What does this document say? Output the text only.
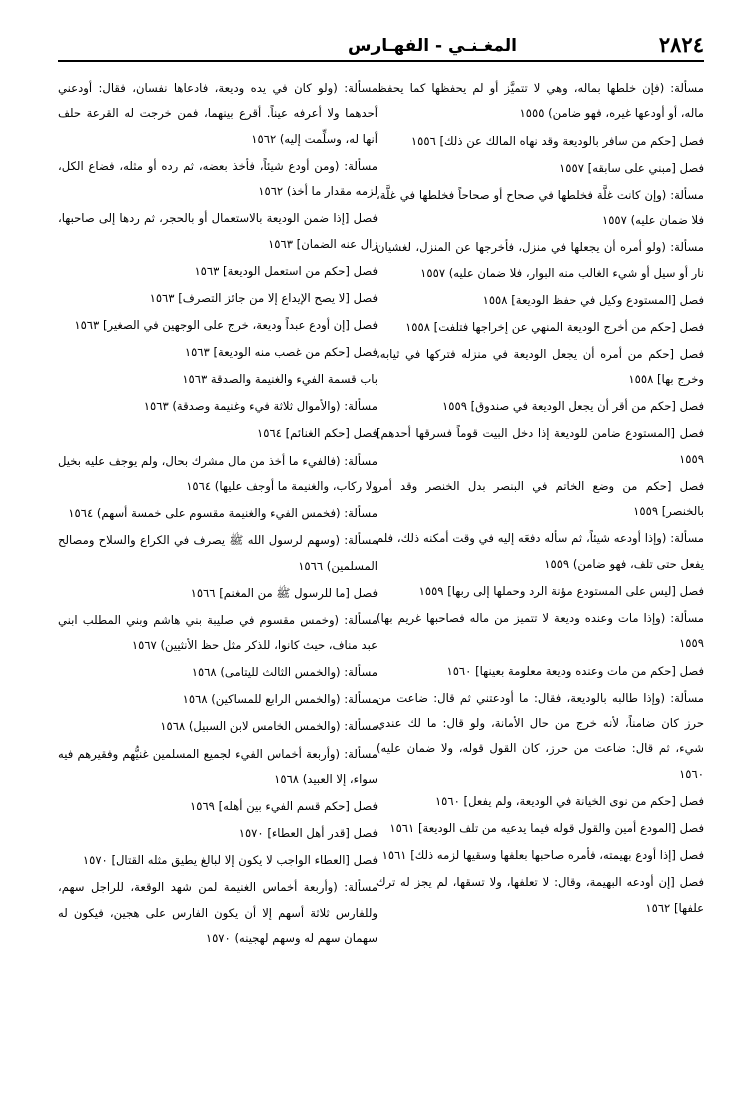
٢٨٢٤
المغـنـي - الفهـارس

مسألة: (فإن خلطها بماله، وهي لا تتميَّز أو لم يحفظها كما يحفظ ماله، أو أودعها غيره، فهو ضامن) ١٥٥٥

فصل [حكم من سافر بالوديعة وقد نهاه المالك عن ذلك] ١٥٥٦

فصل [مبني على سابقه] ١٥٥٧

مسألة: (وإن كانت غلَّة فخلطها في صحاح أو صحاحاً فخلطها في غلَّة، فلا ضمان عليه) ١٥٥٧

مسألة: (ولو أمره أن يجعلها في منزل، فأخرجها عن المنزل، لغشيان نار أو سيل أو شيء الغالب منه البوار، فلا ضمان عليه) ١٥٥٧

فصل [المستودع وكيل في حفظ الوديعة] ١٥٥٨

فصل [حكم من أخرج الوديعة المنهي عن إخراجها فتلفت] ١٥٥٨

فصل [حكم من أمره أن يجعل الوديعة في منزله فتركها في ثيابه، وخرج بها] ١٥٥٨

فصل [حكم من أقر أن يجعل الوديعة في صندوق] ١٥٥٩

فصل [المستودع ضامن للوديعة إذا دخل البيت قوماً فسرقها أحدهم] ١٥٥٩

فصل [حكم من وضع الخاتم في البنصر بدل الخنصر وقد أمر بالخنصر] ١٥٥٩

مسألة: (وإذا أودعه شيئاً، ثم سأله دفعَه إليه في وقت أمكنه ذلك، فلم يفعل حتى تلف، فهو ضامن) ١٥٥٩

فصل [ليس على المستودع مؤنة الرد وحملها إلى ربها] ١٥٥٩

مسألة: (وإذا مات وعنده وديعة لا تتميز من ماله فصاحبها غريم بها) ١٥٥٩

فصل [حكم من مات وعنده وديعة معلومة بعينها] ١٥٦٠

مسألة: (وإذا طالبه بالوديعة، فقال: ما أودعتني ثم قال: ضاعت من حرز كان ضامناً، لأنه خرج من حال الأمانة، ولو قال: ما لك عندي شيء، ثم قال: ضاعت من حرز، كان القول قوله، ولا ضمان عليه) ١٥٦٠

فصل [حكم من نوى الخيانة في الوديعة، ولم يفعل] ١٥٦٠

فصل [المودع أمين والقول قوله فيما يدعيه من تلف الوديعة] ١٥٦١

فصل [إذا أودع بهيمته، فأمره صاحبها بعلفها وسقيها لزمه ذلك] ١٥٦١

فصل [إن أودعه البهيمة، وقال: لا تعلفها، ولا تسقها، لم يجز له ترك علفها] ١٥٦٢

مسألة: (ولو كان في يده وديعة، فادعاها نفسان، فقال: أودعني أحدهما ولا أعرفه عيناً. أقرع بينهما، فمن خرجت له القرعة حلف أنها له، وسلِّمت إليه) ١٥٦٢

مسألة: (ومن أودع شيئاً، فأخذ بعضه، ثم رده أو مثله، فضاع الكل، لزمه مقدار ما أخذ) ١٥٦٢

فصل [إذا ضمن الوديعة بالاستعمال أو بالحجر، ثم ردها إلى صاحبها، زال عنه الضمان] ١٥٦٣

فصل [حكم من استعمل الوديعة] ١٥٦٣

فصل [لا يصح الإيداع إلا من جائز التصرف] ١٥٦٣

فصل [إن أودع عبداً وديعة، خرج على الوجهين في الصغير] ١٥٦٣

فصل [حكم من غصب منه الوديعة] ١٥٦٣

باب قسمة الفيء والغنيمة والصدقة ١٥٦٣

مسألة: (والأموال ثلاثة فيء وغنيمة وصدقة) ١٥٦٣

فصل [حكم الغنائم] ١٥٦٤

مسألة: (فالفيء ما أخذ من مال مشرك بحال، ولم يوجف عليه بخيل ولا ركاب، والغنيمة ما أوجف عليها) ١٥٦٤

مسألة: (فخمس الفيء والغنيمة مقسوم على خمسة أسهم) ١٥٦٤

مسألة: (وسهم لرسول الله ﷺ يصرف في الكراع والسلاح ومصالح المسلمين) ١٥٦٦

فصل [ما للرسول ﷺ من المغنم] ١٥٦٦

مسألة: (وخمس مقسوم في صليبة بني هاشم وبني المطلب ابني عبد مناف، حيث كانوا، للذكر مثل حظ الأنثيين) ١٥٦٧

مسألة: (والخمس الثالث لليتامى) ١٥٦٨

مسألة: (والخمس الرابع للمساكين) ١٥٦٨

مسألة: (والخمس الخامس لابن السبيل) ١٥٦٨

مسألة: (وأربعة أخماس الفيء لجميع المسلمين غنيُّهم وفقيرهم فيه سواء، إلا العبيد) ١٥٦٨

فصل [حكم قسم الفيء بين أهله] ١٥٦٩

فصل [قدر أهل العطاء] ١٥٧٠

فصل [العطاء الواجب لا يكون إلا لبالغ يطيق مثله القتال] ١٥٧٠

مسألة: (وأربعة أخماس الغنيمة لمن شهد الوقعة، للراجل سهم، وللفارس ثلاثة أسهم إلا أن يكون الفارس على هجين، فيكون له سهمان سهم له وسهم لهجينه) ١٥٧٠
